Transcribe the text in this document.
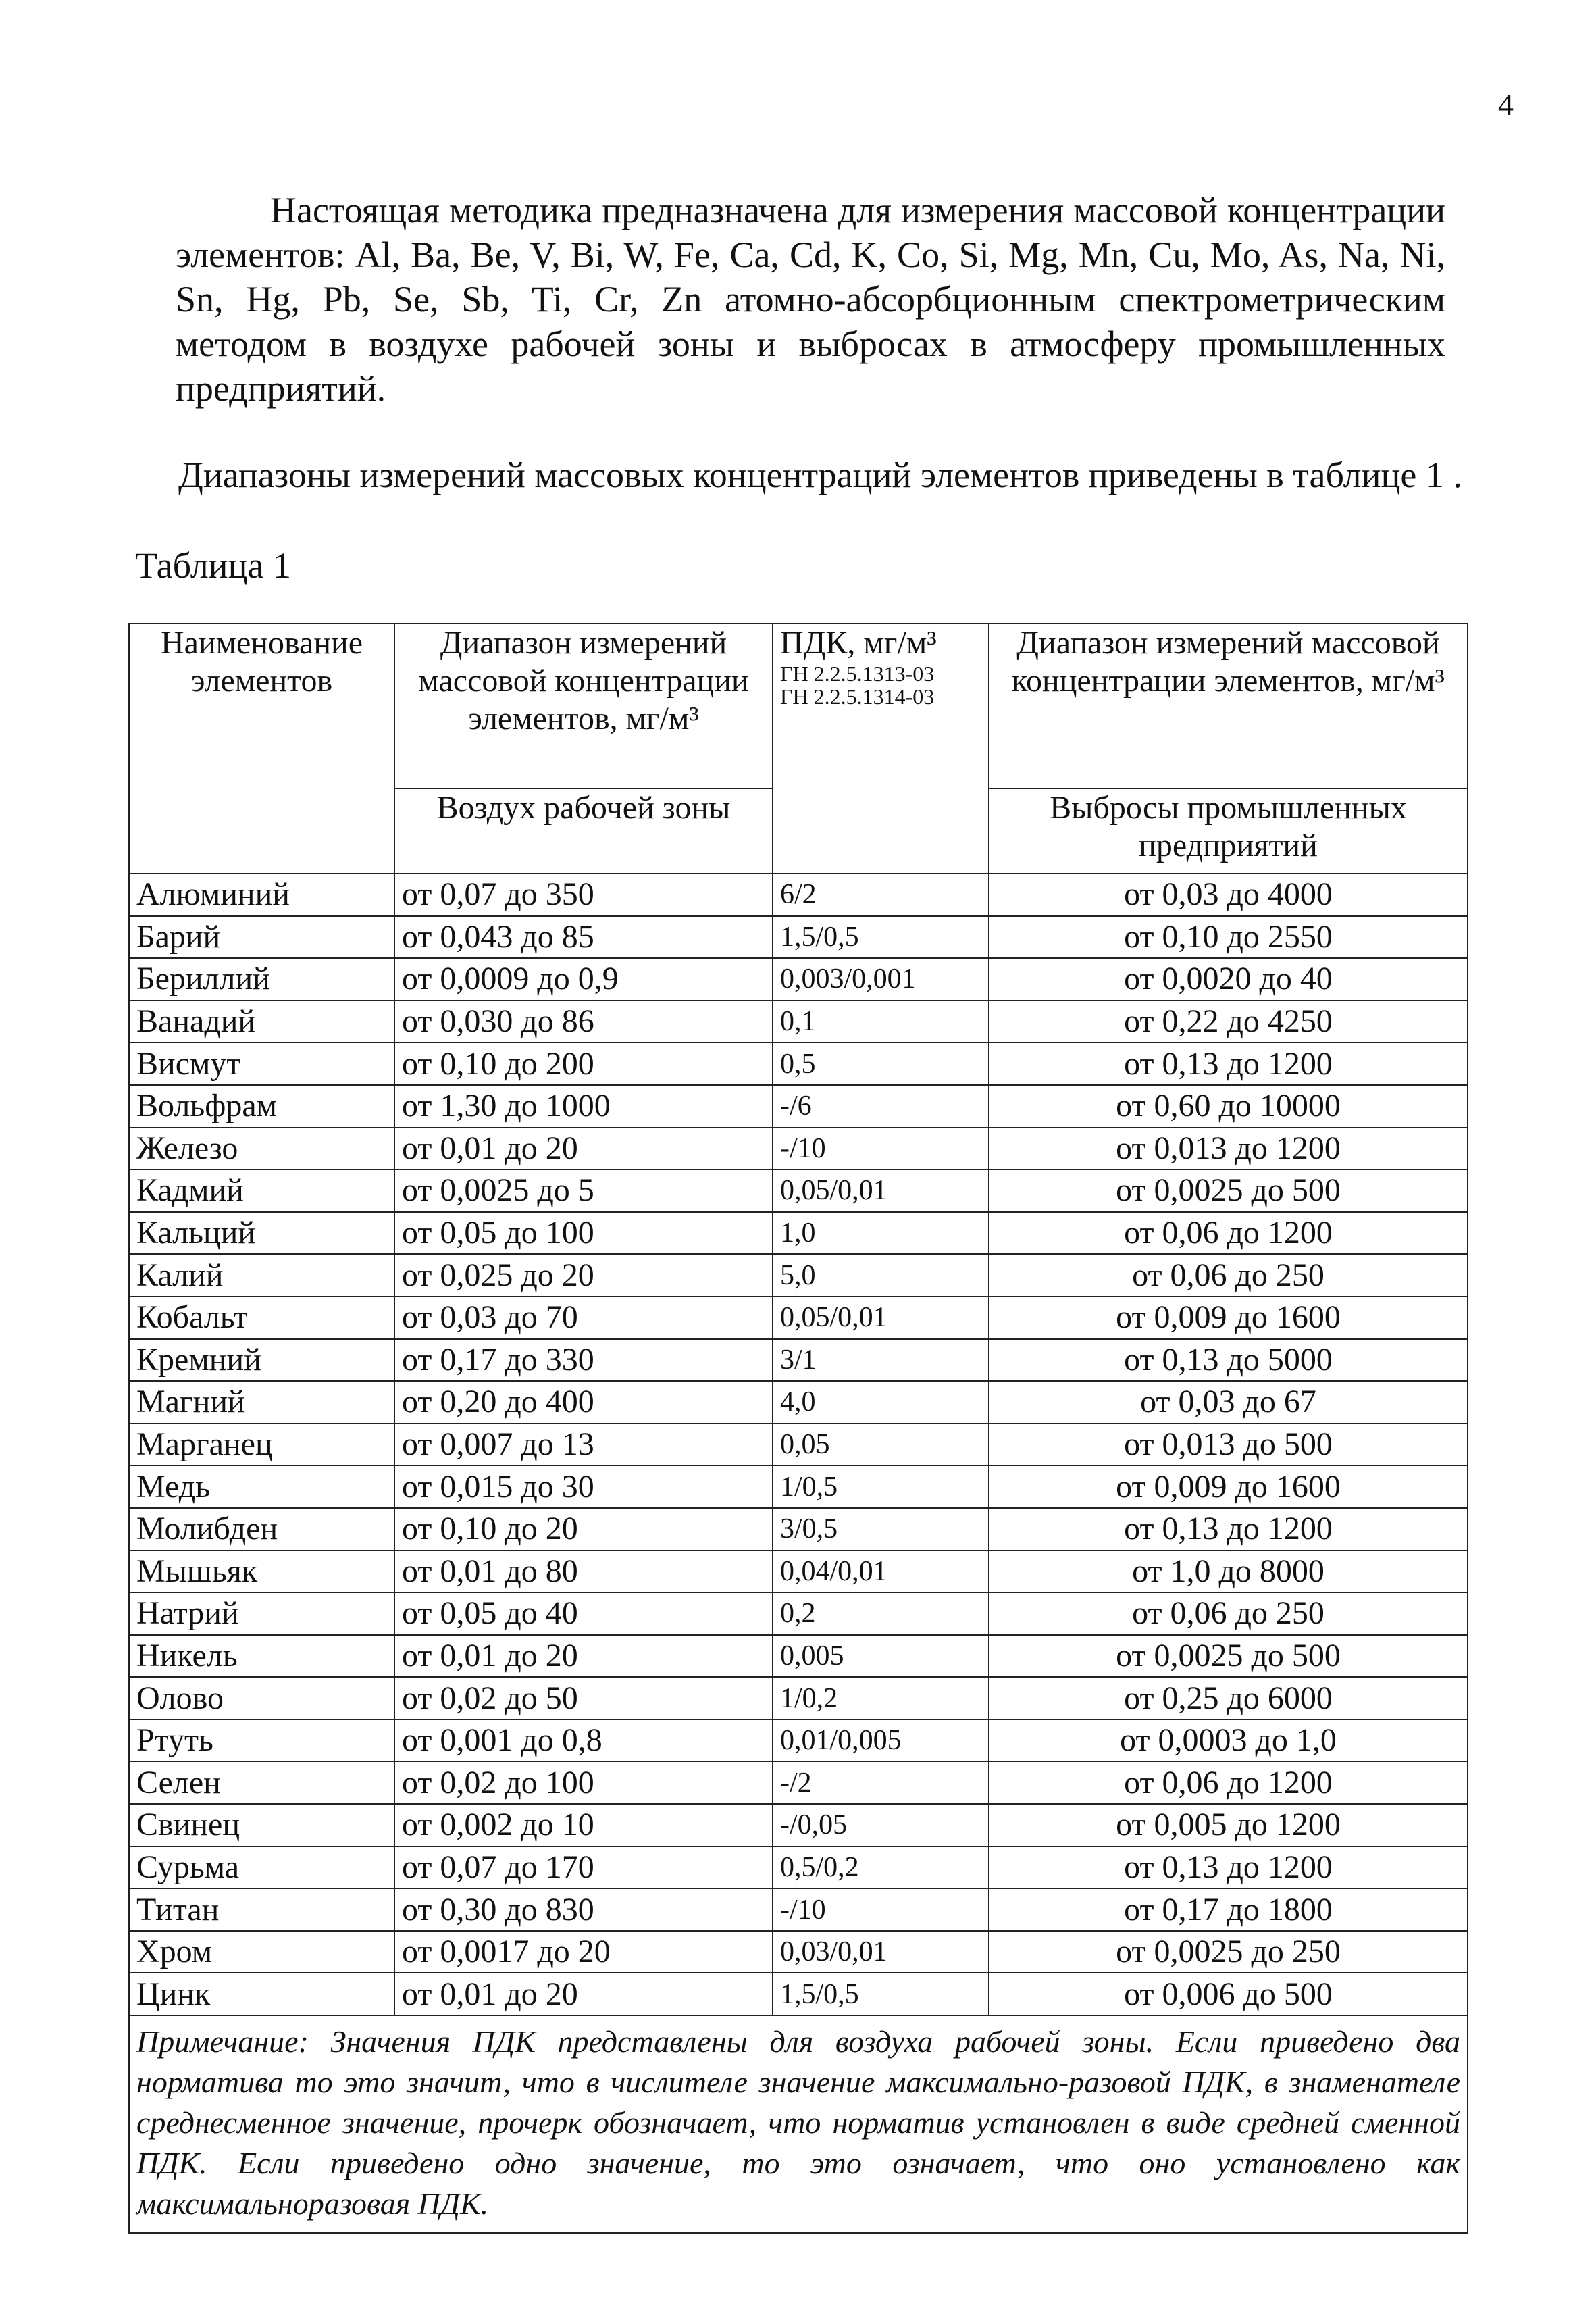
4

Настоящая методика предназначена для измерения массовой концентрации элементов: Al, Ba, Be, V, Bi, W, Fe, Ca, Cd, K, Co, Si, Mg, Mn, Cu, Mo, As, Na, Ni, Sn, Hg, Pb, Se, Sb, Ti, Cr, Zn атомно-абсорбционным спектрометрическим методом в воздухе рабочей зоны и выбросах в атмосферу промышленных предприятий.

Диапазоны измерений массовых концентраций элементов приведены в таблице 1 .

Таблица 1

Наименование элементов	Диапазон измерений массовой концентрации элементов, мг/м³	ПДК, мг/м³
ГН 2.2.5.1313-03
ГН 2.2.5.1314-03	Диапазон измерений массовой концентрации элементов, мг/м³
	Воздух рабочей зоны		Выбросы промышленных предприятий
Алюминий	от 0,07 до 350	6/2	от 0,03 до 4000
Барий	от 0,043 до 85	1,5/0,5	от 0,10 до 2550
Бериллий	от 0,0009 до 0,9	0,003/0,001	от 0,0020 до 40
Ванадий	от 0,030 до 86	0,1	от 0,22 до 4250
Висмут	от 0,10 до 200	0,5	от 0,13 до 1200
Вольфрам	от 1,30 до 1000	-/6	от 0,60 до 10000
Железо	от 0,01 до 20	-/10	от 0,013 до 1200
Кадмий	от 0,0025 до 5	0,05/0,01	от 0,0025 до 500
Кальций	от 0,05 до 100	1,0	от 0,06 до 1200
Калий	от 0,025 до 20	5,0	от 0,06 до 250
Кобальт	от 0,03 до 70	0,05/0,01	от 0,009 до 1600
Кремний	от 0,17 до 330	3/1	от 0,13 до 5000
Магний	от 0,20 до 400	4,0	от 0,03 до 67
Марганец	от 0,007 до 13	0,05	от 0,013 до 500
Медь	от 0,015 до 30	1/0,5	от 0,009 до 1600
Молибден	от 0,10 до 20	3/0,5	от 0,13 до 1200
Мышьяк	от 0,01 до 80	0,04/0,01	от 1,0 до 8000
Натрий	от 0,05 до 40	0,2	от 0,06 до 250
Никель	от 0,01 до 20	0,005	от 0,0025 до 500
Олово	от 0,02 до 50	1/0,2	от 0,25 до 6000
Ртуть	от 0,001 до 0,8	0,01/0,005	от 0,0003 до 1,0
Селен	от 0,02 до 100	-/2	от 0,06 до 1200
Свинец	от 0,002 до 10	-/0,05	от 0,005 до 1200
Сурьма	от 0,07 до 170	0,5/0,2	от 0,13 до 1200
Титан	от 0,30 до 830	-/10	от 0,17 до 1800
Хром	от 0,0017 до 20	0,03/0,01	от 0,0025 до 250
Цинк	от 0,01 до 20	1,5/0,5	от 0,006 до 500
Примечание: Значения ПДК представлены для воздуха рабочей зоны. Если приведено два норматива то это значит, что в числителе значение максимально-разовой ПДК, в знаменателе среднесменное значение, прочерк обозначает, что норматив установлен в виде средней сменной ПДК. Если приведено одно значение, то это означает, что оно установлено как максимальноразовая ПДК.			
